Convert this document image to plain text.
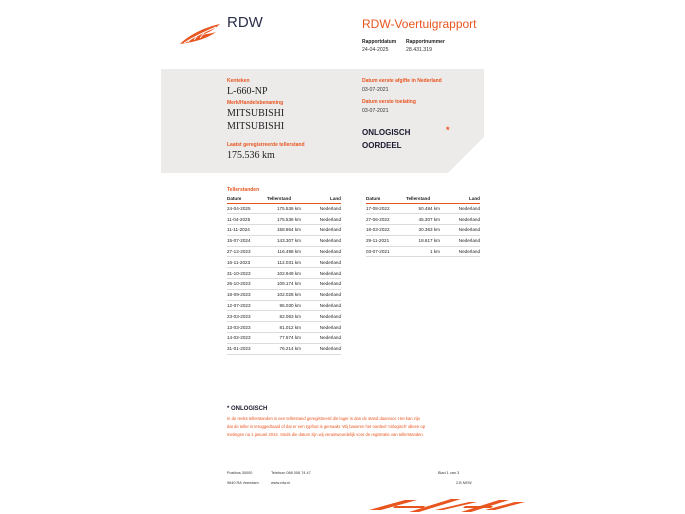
RDW	RDW-Voertuigrapport
Rapportdatum
24-04-2025
Rapportnummer
28.431.319
Kenteken
L-660-NP
Merk/Handelsbenaming
MITSUBISHI
MITSUBISHI
Laatst geregistreerde tellerstand
175.536 km
Datum eerste afgifte in Nederland
03-07-2021
Datum eerste toelating
03-07-2021
ONLOGISCH
OORDEEL
*
Tellerstanden
Datum	Tellerstand	Land
24-04-2025	175.536 km	Nederland
11-04-2025	175.536 km	Nederland
11-11-2024	158.864 km	Nederland
15-07-2024	143.307 km	Nederland
27-12-2023	116.498 km	Nederland
16-11-2023	112.031 km	Nederland
31-10-2023	102.949 km	Nederland
26-10-2023	109.174 km	Nederland
18-09-2023	102.028 km	Nederland
12-07-2023	95.030 km	Nederland
23-03-2023	82.063 km	Nederland
13-03-2023	81.012 km	Nederland
14-02-2023	77.574 km	Nederland
31-01-2023	76.214 km	Nederland
Datum	Tellerstand	Land
17-08-2022	50.484 km	Nederland
27-06-2022	45.307 km	Nederland
18-03-2022	30.363 km	Nederland
29-11-2021	18.617 km	Nederland
03-07-2021	1 km	Nederland
* ONLOGISCH
In de reeks tellerstanden is een tellerstand geregistreerd die lager is dan de stand daarvoor. Het kan zijn
dat de teller is teruggedraaid of dat er een typfout is gemaakt. Wij baseren het oordeel 'onlogisch' alleen op
metingen na 1 januari 2014. Sinds die datum zijn wij verantwoordelijk voor de registratie van tellerstanden.
Postbus 30000
9640 RA Veendam
Telefoon 088 008 74 47
www.rdw.nl
Blad 1 van 3
2.B NEW
